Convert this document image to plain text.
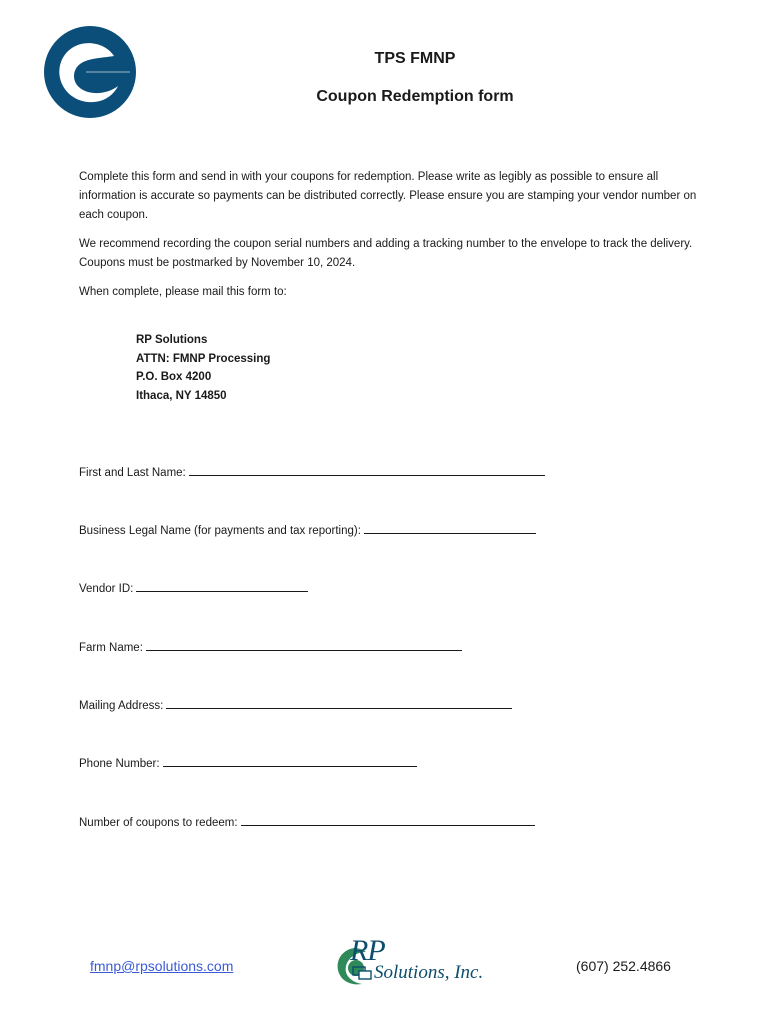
TPS FMNP
Coupon Redemption form

Complete this form and send in with your coupons for redemption. Please write as legibly as possible to ensure all information is accurate so payments can be distributed correctly. Please ensure you are stamping your vendor number on each coupon.

We recommend recording the coupon serial numbers and adding a tracking number to the envelope to track the delivery. Coupons must be postmarked by November 10, 2024.

When complete, please mail this form to:

RP Solutions
ATTN: FMNP Processing
P.O. Box 4200
Ithaca, NY 14850
First and Last Name:
Business Legal Name (for payments and tax reporting):
Vendor ID:
Farm Name:
Mailing Address:
Phone Number:
Number of coupons to redeem:
fmnp@rpsolutions.com	RP
Solutions, Inc.	(607) 252.4866
